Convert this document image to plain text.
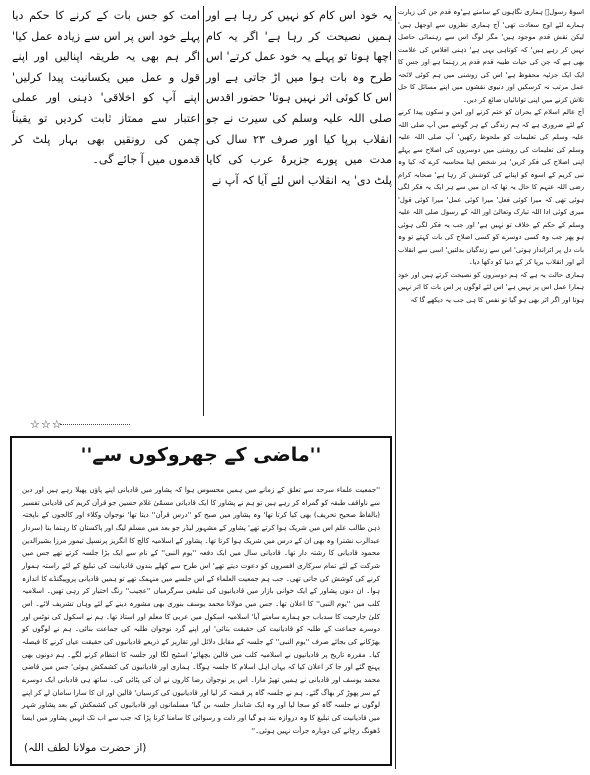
اسوۂ رسولؐ ہماری نگاہوں کے سامنے ہے'وہ قدم جن کی زیارت ہمارے لئے اوج سعادت تھی' آج ہماری نظروں سے اوجھل ہیں' لیکن نقش قدم موجود ہیں' مگر لوگ اس سے رہنمائی حاصل نہیں کر رہے ہیں' کہ کوتاہی یہی ہے' ذہنی افلاس کی علامت بھی ہے کہ جن کی حیات طیبہ قدم قدم پر رہنما ہے اور جس کا ایک ایک جزئیہ محفوظ ہے' اس کی روشنی میں ہم کوئی لائحہ عمل مرتب نہ کرسکیں اور دنیوی نقشوں میں اپنے مسائل کا حل تلاش کرنے میں اپنی توانائیاں ضائع کر دیں۔

آج عالم اسلام کے بحران کو ختم کرنے اور امن و سکون پیدا کرنے کے لئے ضروری ہے کہ ہم زندگی کے ہر گوشے میں آپ صلی اللہ علیہ وسلم کی تعلیمات کو ملحوظ رکھیں' آپ صلی اللہ علیہ وسلم کی تعلیمات کی روشنی میں دوسروں کی اصلاح سے پہلے اپنی اصلاح کی فکر کریں' ہر شخص اپنا محاسبہ کرے کہ کیا وہ نبی کریم کے اسوہ کو اپنانے کی کوشش کر رہا ہے' صحابہ کرام رضی اللہ عنہم کا حال یہ تھا کہ ان میں سے ہر ایک یہ فکر لگی ہوئی تھی کہ میرا کوئی فعل' میرا کوئی عمل' میرا کوئی قول' میری کوئی ادا اللہ تبارک وتعالیٰ اور اللہ کے رسول صلی اللہ علیہ وسلم کے حکم کے خلاف تو نہیں ہے' اور جب یہ فکر لگی ہوئی ہو پھر جب وہ کسی دوسرے کو کسی اصلاح کی بات کہتے تو وہ بات دل پر اثرانداز ہوتی' اس سے زندگیاں بدلتیں' اسی سے انقلاب آتے اور انقلاب برپا کر کے دنیا کو دکھا دیا۔

ہماری حالت یہ ہے کہ ہم دوسروں کو نصیحت کرتے ہیں اور خود ہمارا عمل اس پر نہیں ہے' اس لئے لوگوں پر اس بات کا اثر نہیں ہوتا اور اگر اثر بھی ہو گیا تو نفس کا ہی جب یہ دیکھے گا کہ

یہ خود اس کام کو نہیں کر رہا ہے اور ہمیں نصیحت کر رہا ہے' اگر یہ کام اچھا ہوتا تو پہلے یہ خود عمل کرتے' اس طرح وہ بات ہوا میں اڑ جاتی ہے اور اس کا کوئی اثر نہیں ہوتا' حضور اقدس صلی اللہ علیہ وسلم کی سیرت نے جو انقلاب برپا کیا اور صرف ۲۳ سال کی مدت میں پورے جزیرۂ عرب کی کایا پلٹ دی' یہ انقلاب اس لئے آیا کہ آپ نے

امت کو جس بات کے کرنے کا حکم دیا پہلے خود اس پر اس سے زیادہ عمل کیا' اگر ہم بھی یہ طریقہ اپنالیں اور اپنے قول و عمل میں یکسانیت پیدا کرلیں' اپنے آپ کو اخلاقی' ذہنی اور عملی اعتبار سے ممتاز ثابت کردیں تو یقیناً چمن کی رونقیں بھی بہار پلٹ کر قدموں میں آ جائے گی۔

☆☆☆
''ماضی کے جھروکوں سے''

''جمعیت علماء سرحد سے تعلق کے زمانے میں ہمیں محسوس ہوا کہ پشاور میں قادیانی اپنے پاؤں پھیلا رہے ہیں اور دین سے ناواقف طبقہ کو گمراہ کر رہے ہیں تو ہم نے پشاور کا ایک قادیانی مسمّیٰ غلام حسین جو قرآن کریم کی قادیانی تفسیر (بالفاظ صحیح تحریف) بھی کیا کرتا تھا' وہ پشاور میں صبح کو ''درس قرآن'' دیتا تھا' نوجوان وکلاء اور کالجوں کے ناپختہ ذہن طالب علم اس میں شریک ہوا کرتے تھے' پشاور کے مشہور لیڈر جو بعد میں مسلم لیگ اور پاکستان کا رہنما بنا (سردار عبدالرب نشتر) وہ بھی ان کے درس میں شریک ہوا کرتا تھا۔ پشاور کے اسلامیہ کالج کا انگریز پرنسپل تیمور مرزا بشیرالدین محمود قادیانی کا رشتہ دار تھا۔ قادیانی سال میں ایک دفعہ ''یوم النبی'' کے نام سے ایک بڑا جلسہ کرتے تھے جس میں شرکت کے لئے تمام سرکاری افسروں کو دعوت دیتے تھے' اس طرح سے کھلے بندوں قادیانیت کی تبلیغ کے لئے راستہ ہموار کرنے کی کوشش کی جاتی تھی۔ جب ہم جمعیت العلماء کے اس جلسے میں منہمک تھے تو ہمیں قادیانی پروپیگنڈے کا اندازہ ہوا۔ ان دنوں پشاور کے ایک خوانی بازار میں قادیانیوں کی تبلیغی سرگرمیاں ''عجیب'' رنگ اختیار کر رہی تھیں۔ اسلامیہ کلب میں ''یوم النبی'' کا اعلان تھا۔ جس میں مولانا محمد یوسف بنوری بھی مشورہ دینے کے لئے وہاں تشریف لائے۔ اس کلیٰ جارحیت کا سدباب جو ہمارے سامنے آیا' اسلامیہ اسکول میں عربی کا معلم اور استاذ تھا۔ ہم نے اسکول کی نوٹس اور دوسرے جماعت کے طلبہ کو قادیانیت کی حقیقت بتائی' اور اپنے گرد نوجوان طلبہ کی جماعت بنائی۔ ہم نے لوگوں کو بھڑکانے کی بجائے صرف ''یوم النبی'' کے جلسہ کے مقابل دلائل اور تقاریر کے ذریعے قادیانیوں کی حقیقت عیاں کرنے کا فیصلہ کیا۔ مقررہ تاریخ پر قادیانیوں نے اسلامیہ کلب میں قالین بچھائے' اسٹیج لگا اور جلسہ کا انتظام کرنے لگے۔ ہم دونوں بھی پہنچ گئے اور جا کر اعلان کیا کہ یہاں اہل اسلام کا جلسہ ہوگا۔ ہماری اور قادیانیوں کی کشمکش ہوئی' جس میں قاضی محمد یوسف اور قادیانی نے ہمیں تھپڑ مارا۔ اس پر نوجوان رضا کاروں نے ان کی پٹائی کی۔ ساتھ ہی قادیانی ایک دوسرے کے سر پھوڑ کر بھاگ گئے۔ ہم نے جلسہ گاہ پر قبضہ کر لیا اور قادیانیوں کی کرسیاں' قالین اور ان کا سارا سامان لے کر اپنے لوگوں نے جلسہ گاہ کو سجا لیا اور وہ ایک شاندار جلسہ بن گیا' مسلمانوں اور قادیانیوں کی کشمکش کے بعد پشاور شہر میں قادیانیت کی تبلیغ کا وہ دروازہ بند ہو گیا اور ذلت و رسوائی کا سامنا کرنا پڑا کہ جب سے اب تک انہیں پشاور میں ایسا ڈھونگ رچانے کی دوبارہ جرأت نہیں ہوئی۔''

(از حضرت مولانا لطف اللہ)
